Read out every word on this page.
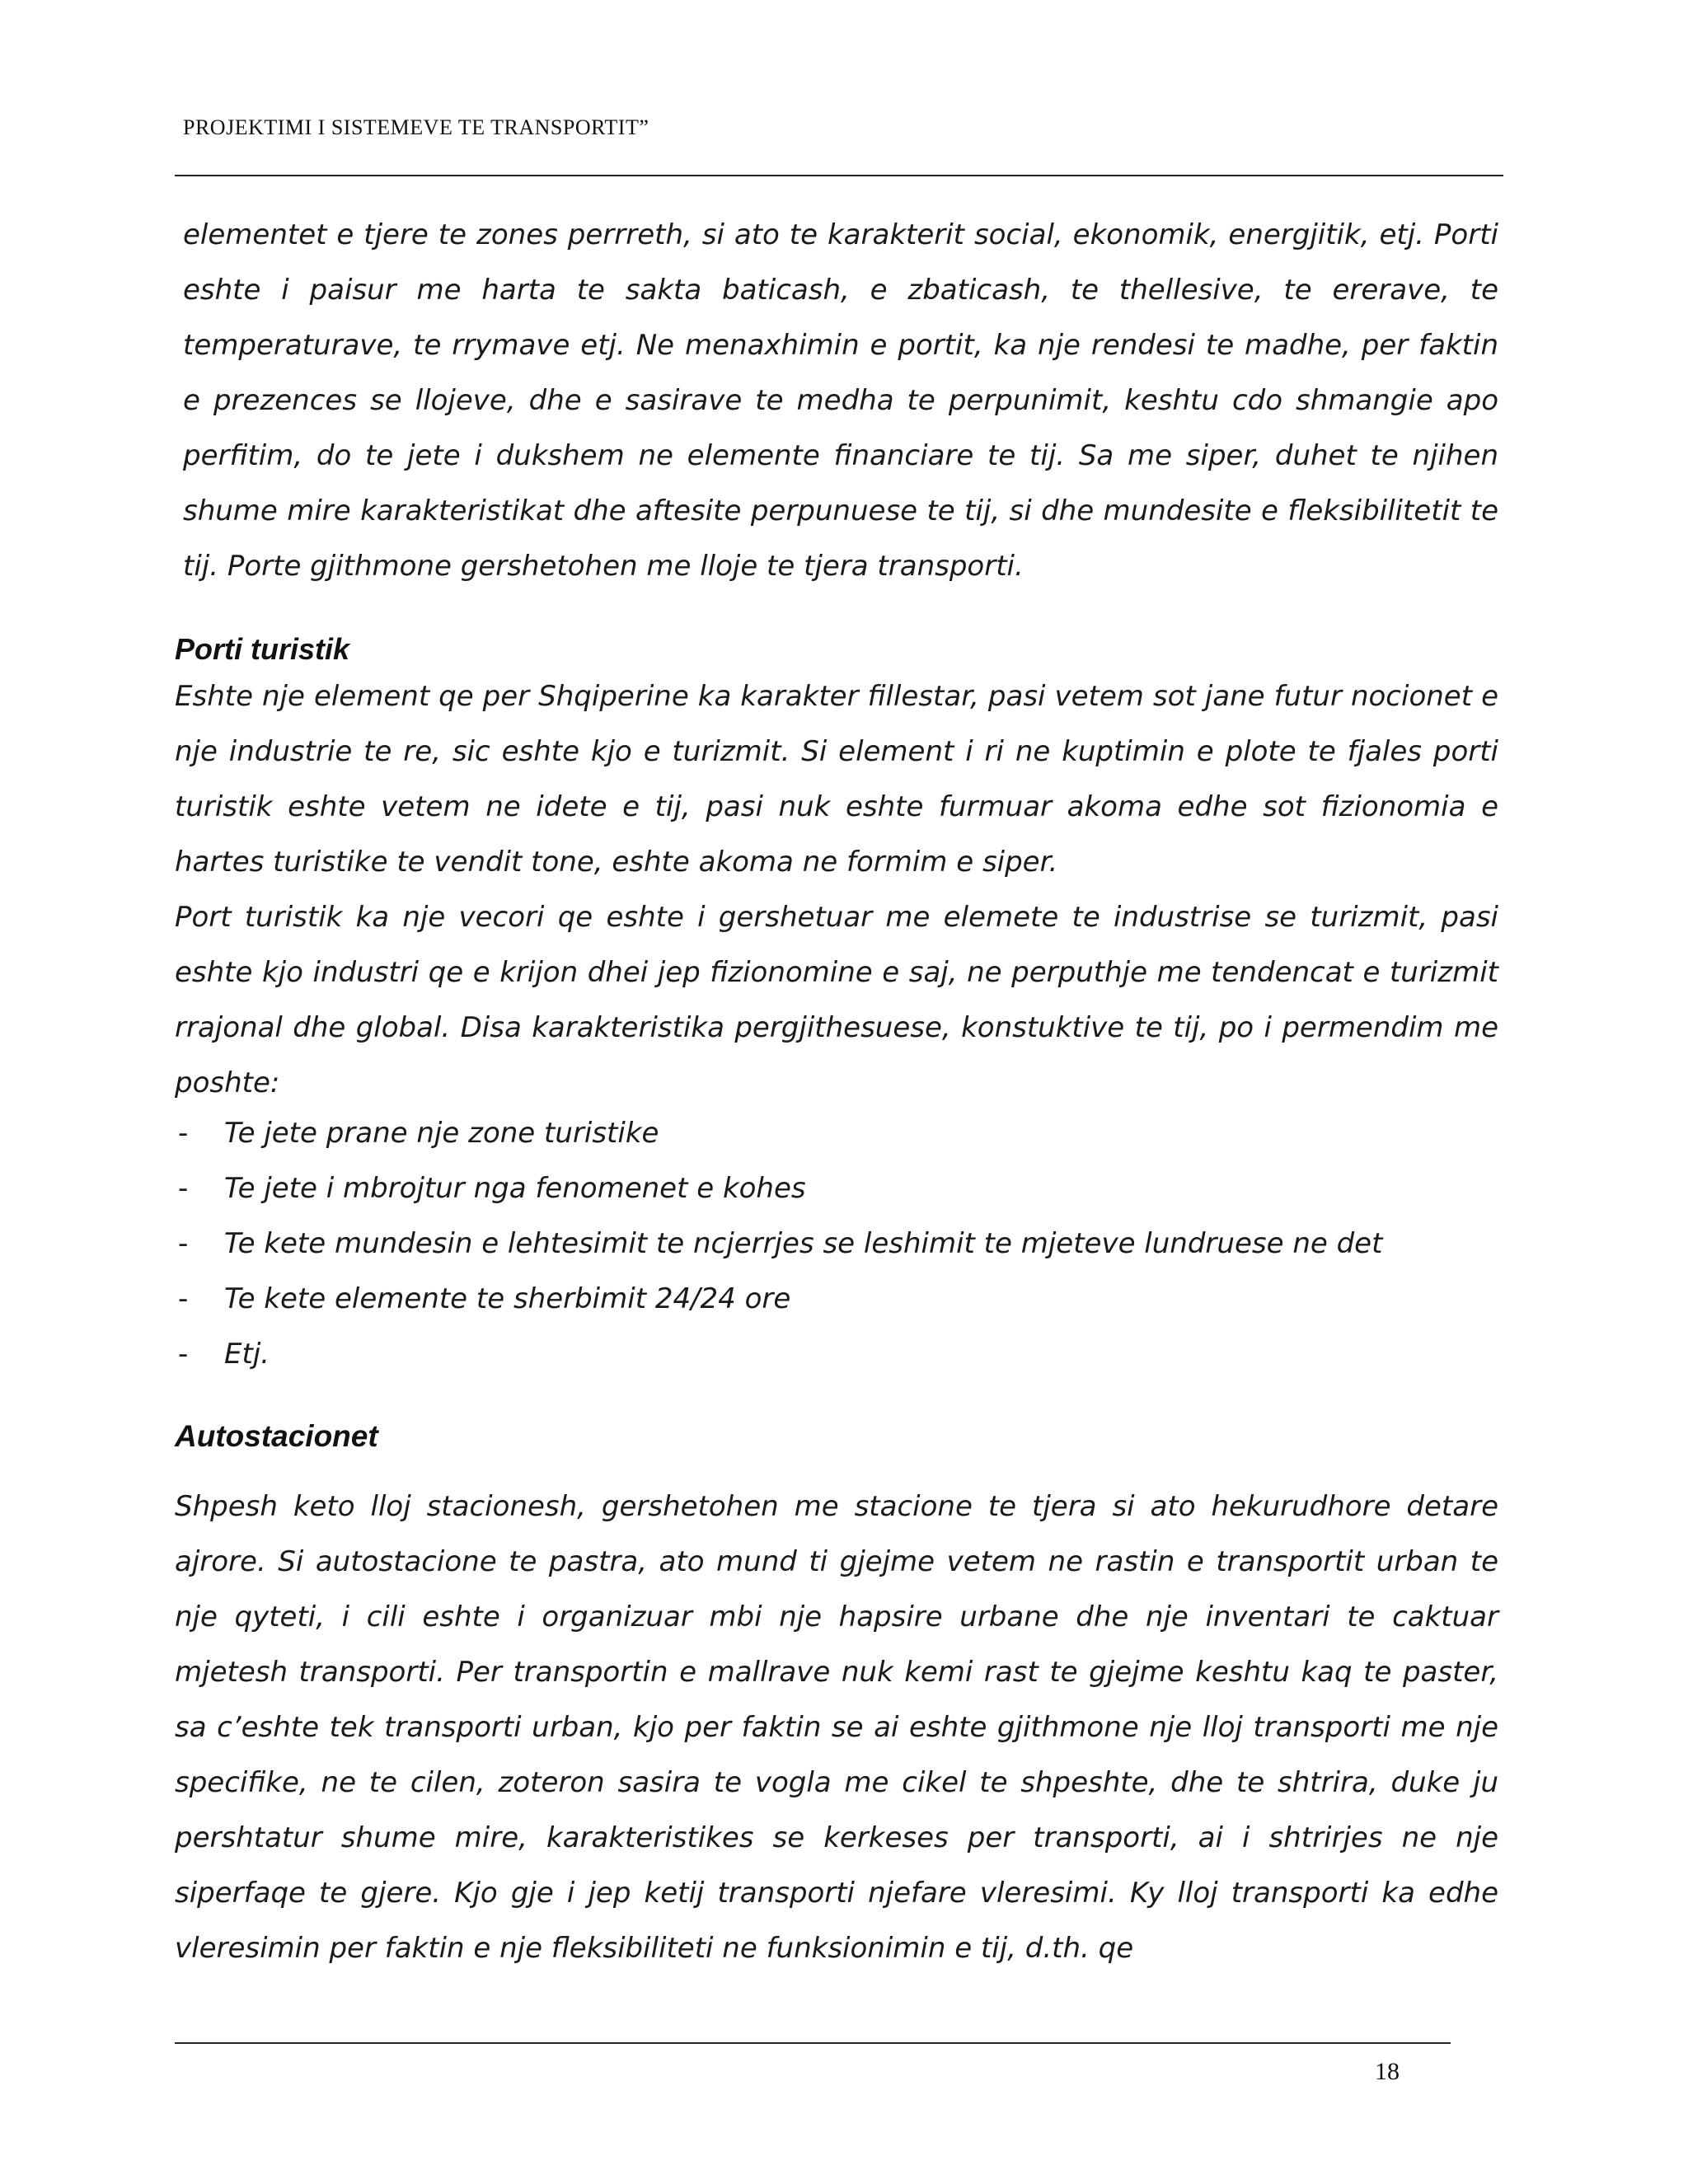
PROJEKTIMI I SISTEMEVE TE TRANSPORTIT”

elementet e tjere te zones perrreth, si ato te karakterit social, ekonomik, energjitik, etj. Porti eshte i paisur me harta te sakta baticash, e zbaticash, te thellesive, te ererave, te temperaturave, te rrymave etj. Ne menaxhimin e portit, ka nje rendesi te madhe, per faktin e prezences se llojeve, dhe e sasirave te medha te perpunimit, keshtu cdo shmangie apo perfitim, do te jete i dukshem ne elemente financiare te tij. Sa me siper, duhet te njihen shume mire karakteristikat dhe aftesite perpunuese te tij, si dhe mundesite e fleksibilitetit te tij. Porte gjithmone gershetohen me lloje te tjera transporti.

Porti turistik

Eshte nje element qe per Shqiperine ka karakter fillestar, pasi vetem sot jane futur nocionet e nje industrie te re, sic eshte kjo e turizmit. Si element i ri ne kuptimin e plote te fjales porti turistik eshte vetem ne idete e tij, pasi nuk eshte furmuar akoma edhe sot fizionomia e hartes turistike te vendit tone, eshte akoma ne formim e siper.

Port turistik ka nje vecori qe eshte i gershetuar me elemete te industrise se turizmit, pasi eshte kjo industri qe e krijon dhei jep fizionomine e saj, ne perputhje me tendencat e turizmit rrajonal dhe global. Disa karakteristika pergjithesuese, konstuktive te tij, po i permendim me poshte:

- Te jete prane nje zone turistike
- Te jete i mbrojtur nga fenomenet e kohes
- Te kete mundesin e lehtesimit te ncjerrjes se leshimit te mjeteve lundruese ne det
- Te kete elemente te sherbimit 24/24 ore
- Etj.
Autostacionet

Shpesh keto lloj stacionesh, gershetohen me stacione te tjera si ato hekurudhore detare ajrore. Si autostacione te pastra, ato mund ti gjejme vetem ne rastin e transportit urban te nje qyteti, i cili eshte i organizuar mbi nje hapsire urbane dhe nje inventari te caktuar mjetesh transporti. Per transportin e mallrave nuk kemi rast te gjejme keshtu kaq te paster, sa c’eshte tek transporti urban, kjo per faktin se ai eshte gjithmone nje lloj transporti me nje specifike, ne te cilen, zoteron sasira te vogla me cikel te shpeshte, dhe te shtrira, duke ju pershtatur shume mire, karakteristikes se kerkeses per transporti, ai i shtrirjes ne nje siperfaqe te gjere. Kjo gje i jep ketij transporti njefare vleresimi. Ky lloj transporti ka edhe vleresimin per faktin e nje fleksibiliteti ne funksionimin e tij, d.th. qe

18
